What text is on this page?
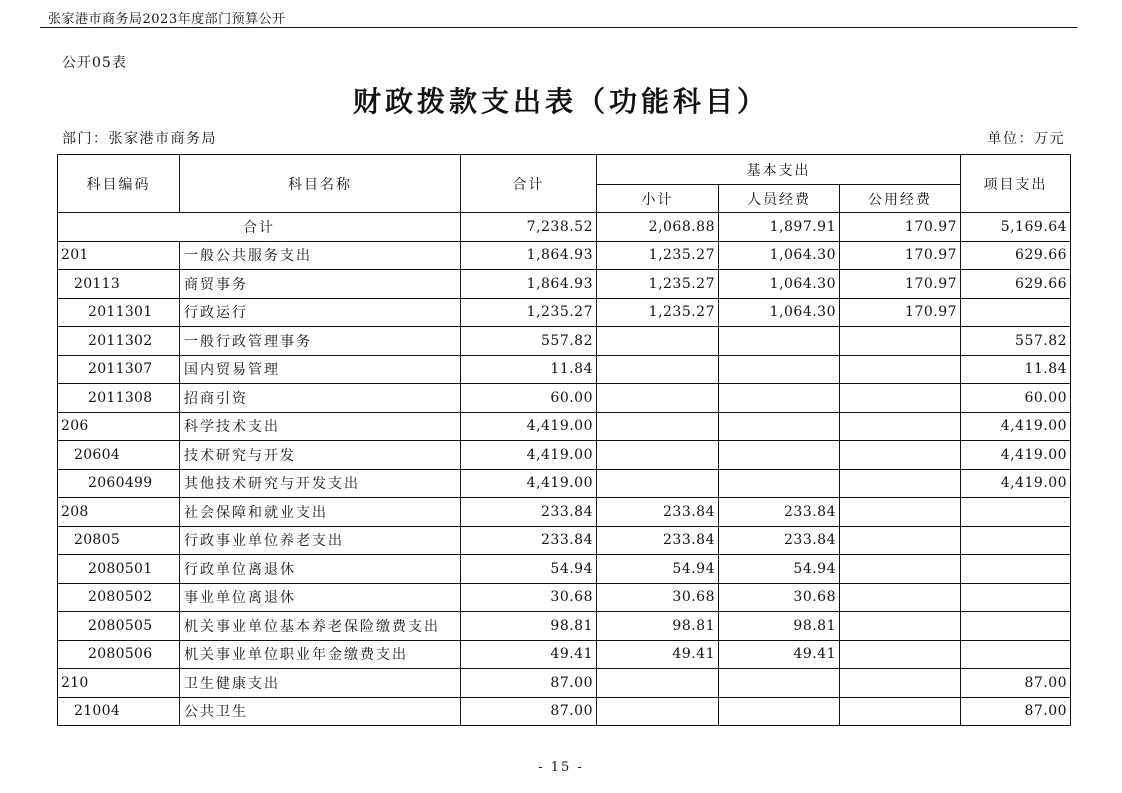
张家港市商务局2023年度部门预算公开
公开05表
财政拨款支出表（功能科目）
部门：张家港市商务局	单位：万元
科目编码	科目名称	合计	基本支出			项目支出
			小计	人员经费	公用经费	
合计		7,238.52	2,068.88	1,897.91	170.97	5,169.64
201	一般公共服务支出	1,864.93	1,235.27	1,064.30	170.97	629.66
20113	商贸事务	1,864.93	1,235.27	1,064.30	170.97	629.66
2011301	行政运行	1,235.27	1,235.27	1,064.30	170.97	
2011302	一般行政管理事务	557.82				557.82
2011307	国内贸易管理	11.84				11.84
2011308	招商引资	60.00				60.00
206	科学技术支出	4,419.00				4,419.00
20604	技术研究与开发	4,419.00				4,419.00
2060499	其他技术研究与开发支出	4,419.00				4,419.00
208	社会保障和就业支出	233.84	233.84	233.84		
20805	行政事业单位养老支出	233.84	233.84	233.84		
2080501	行政单位离退休	54.94	54.94	54.94		
2080502	事业单位离退休	30.68	30.68	30.68		
2080505	机关事业单位基本养老保险缴费支出	98.81	98.81	98.81		
2080506	机关事业单位职业年金缴费支出	49.41	49.41	49.41		
210	卫生健康支出	87.00				87.00
21004	公共卫生	87.00				87.00
- 15 -
